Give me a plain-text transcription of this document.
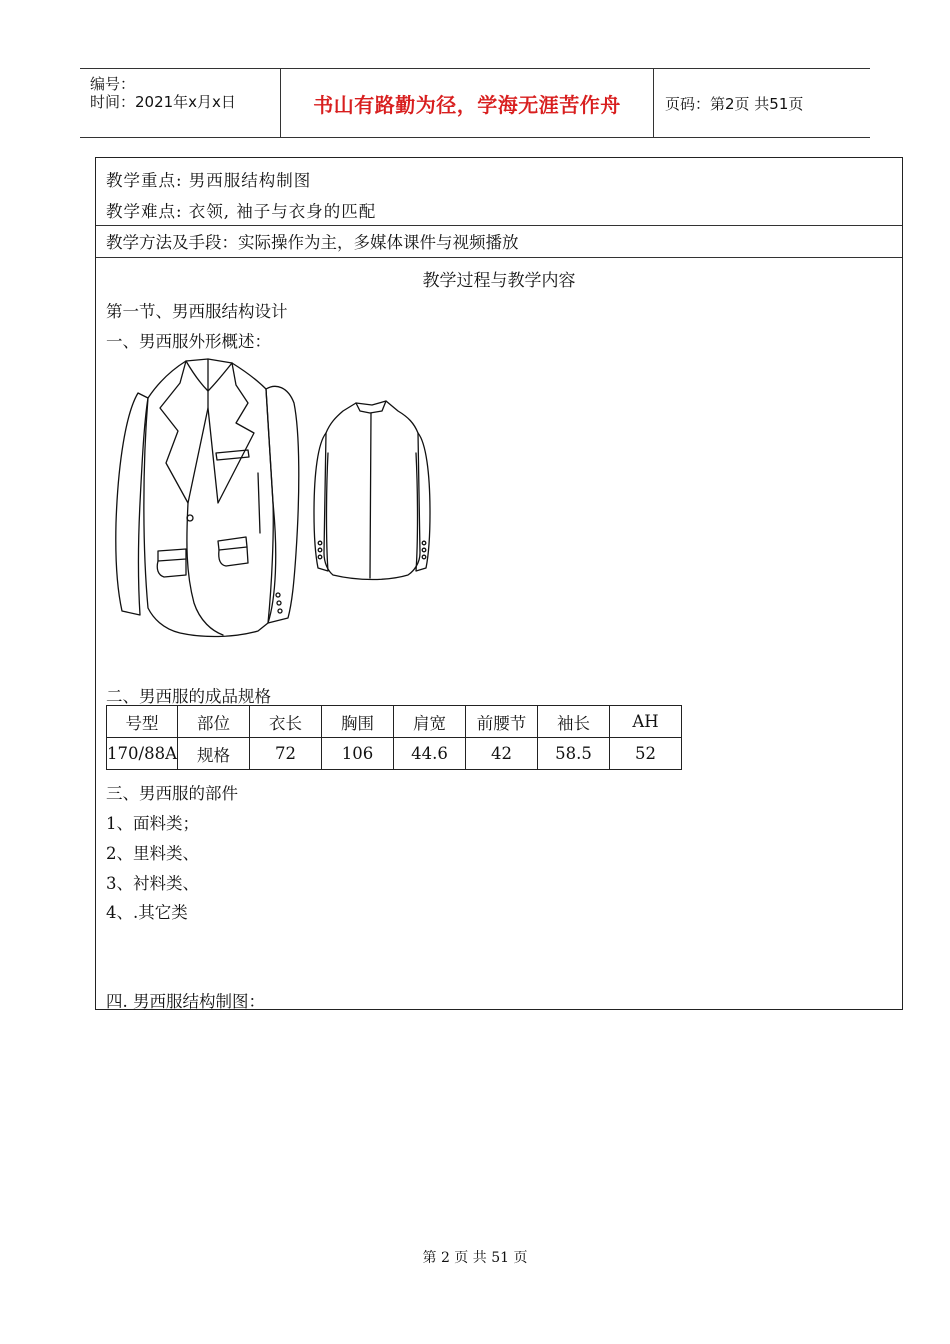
编号：
时间：2021年x月x日	书山有路勤为径，学海无涯苦作舟	页码：第2页 共51页
教学重点: 男西服结构制图
教学难点: 衣领, 袖子与衣身的匹配
教学方法及手段：实际操作为主，多媒体课件与视频播放
教学过程与教学内容
第一节、男西服结构设计
一、男西服外形概述：
二、男西服的成品规格
号型	部位	衣长	胸围	肩宽	前腰节	袖长	AH
170/88A	规格	72	106	44.6	42	58.5	52
三、男西服的部件
1、面料类；
2、里料类、
3、衬料类、
4、.其它类
四. 男西服结构制图：
第 2 页 共 51 页
